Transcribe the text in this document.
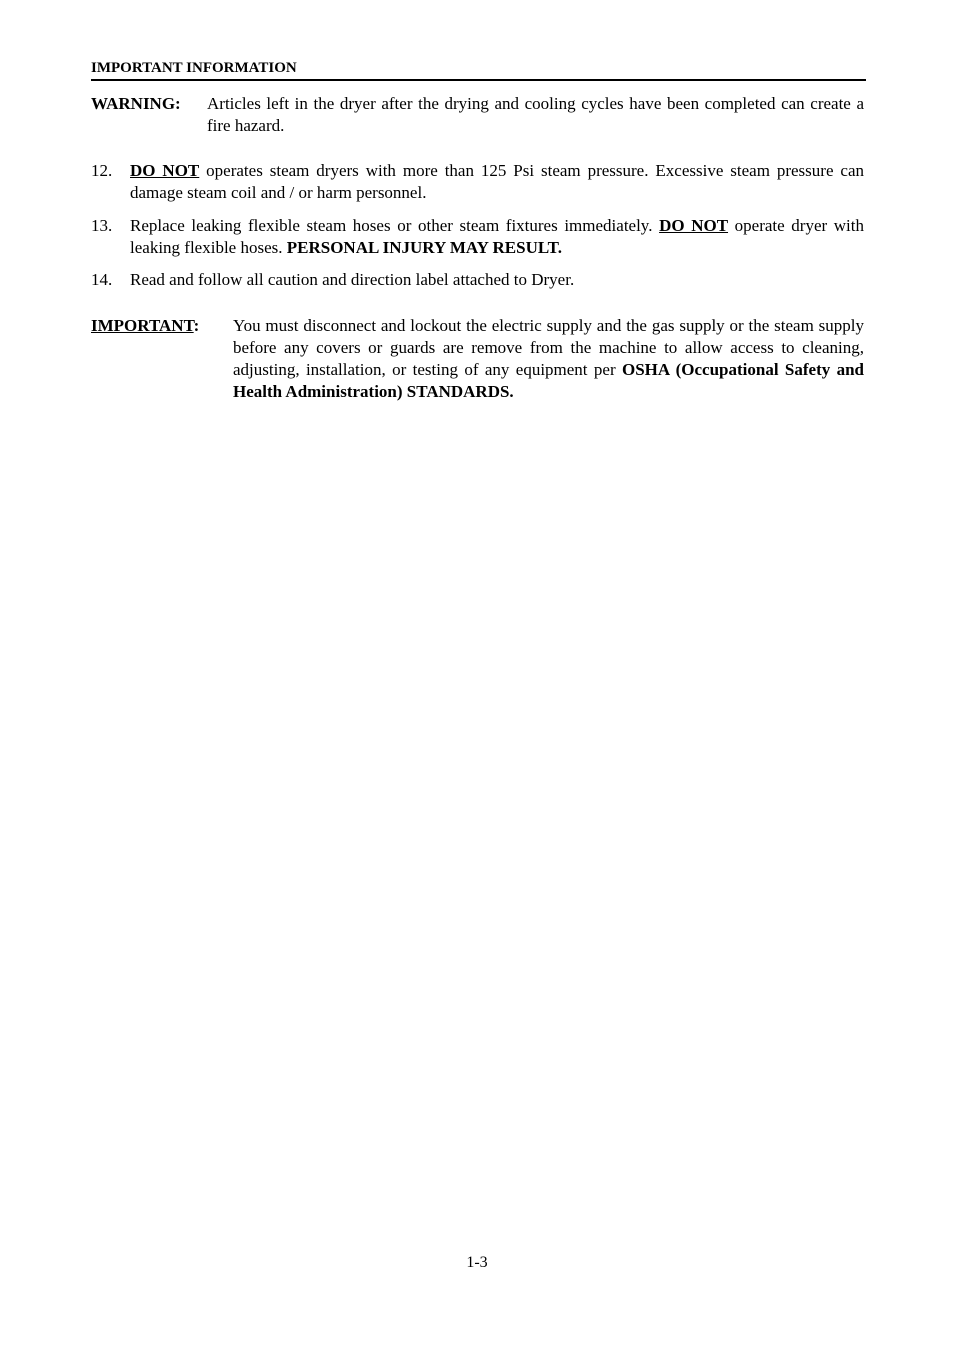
IMPORTANT INFORMATION
WARNING: Articles left in the dryer after the drying and cooling cycles have been completed can create a fire hazard.
12. DO NOT operates steam dryers with more than 125 Psi steam pressure. Excessive steam pressure can damage steam coil and / or harm personnel.
13. Replace leaking flexible steam hoses or other steam fixtures immediately. DO NOT operate dryer with leaking flexible hoses. PERSONAL INJURY MAY RESULT.
14. Read and follow all caution and direction label attached to Dryer.
IMPORTANT: You must disconnect and lockout the electric supply and the gas supply or the steam supply before any covers or guards are remove from the machine to allow access to cleaning, adjusting, installation, or testing of any equipment per OSHA (Occupational Safety and Health Administration) STANDARDS.
1-3
